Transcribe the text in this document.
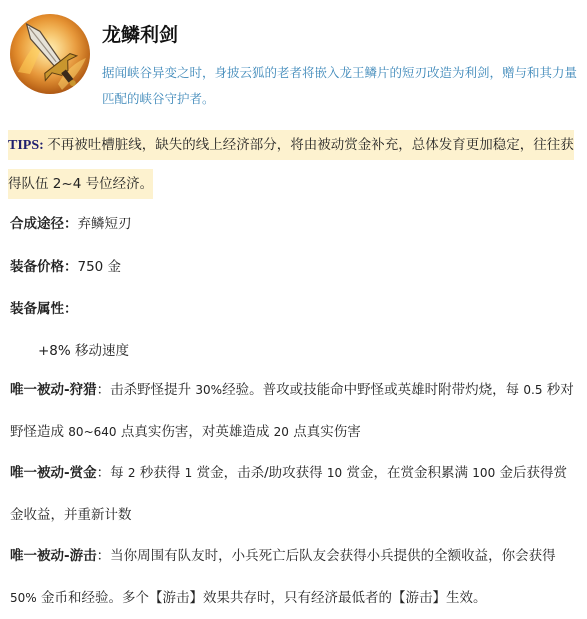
龙鳞利剑

据闻峡谷异变之时，身披云狐的老者将嵌入龙王鳞片的短刃改造为利剑，赠与和其力量匹配的峡谷守护者。

TIPS: 不再被吐槽脏线，缺失的线上经济部分，将由被动赏金补充，总体发育更加稳定，往往获得队伍 2~4 号位经济。

合成途径：弃鳞短刃

装备价格：750 金

装备属性：

+8% 移动速度

唯一被动-狩猎：击杀野怪提升 30%经验。普攻或技能命中野怪或英雄时附带灼烧，每 0.5 秒对野怪造成 80~640 点真实伤害，对英雄造成 20 点真实伤害

唯一被动-赏金：每 2 秒获得 1 赏金，击杀/助攻获得 10 赏金，在赏金积累满 100 金后获得赏金收益，并重新计数

唯一被动-游击：当你周围有队友时，小兵死亡后队友会获得小兵提供的全额收益，你会获得 50% 金币和经验。多个【游击】效果共存时，只有经济最低者的【游击】生效。
